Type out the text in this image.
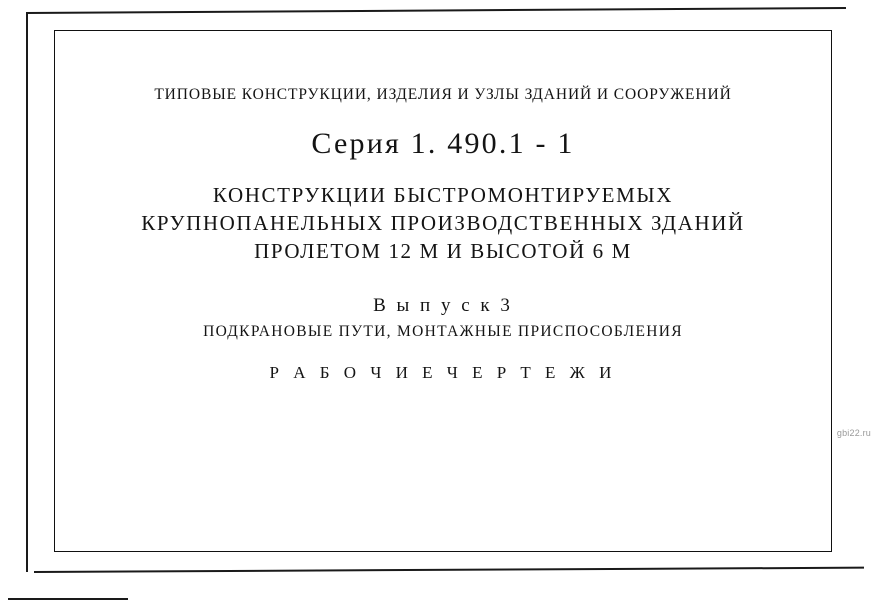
ТИПОВЫЕ КОНСТРУКЦИИ, ИЗДЕЛИЯ И УЗЛЫ ЗДАНИЙ И СООРУЖЕНИЙ
Серия 1. 490.1 - 1
КОНСТРУКЦИИ БЫСТРОМОНТИРУЕМЫХ
КРУПНОПАНЕЛЬНЫХ ПРОИЗВОДСТВЕННЫХ ЗДАНИЙ
ПРОЛЕТОМ 12 М И ВЫСОТОЙ 6 М
В ы п у с к 3
ПОДКРАНОВЫЕ ПУТИ, МОНТАЖНЫЕ ПРИСПОСОБЛЕНИЯ
Р А Б О Ч И Е Ч Е Р Т Е Ж И
gbi22.ru
